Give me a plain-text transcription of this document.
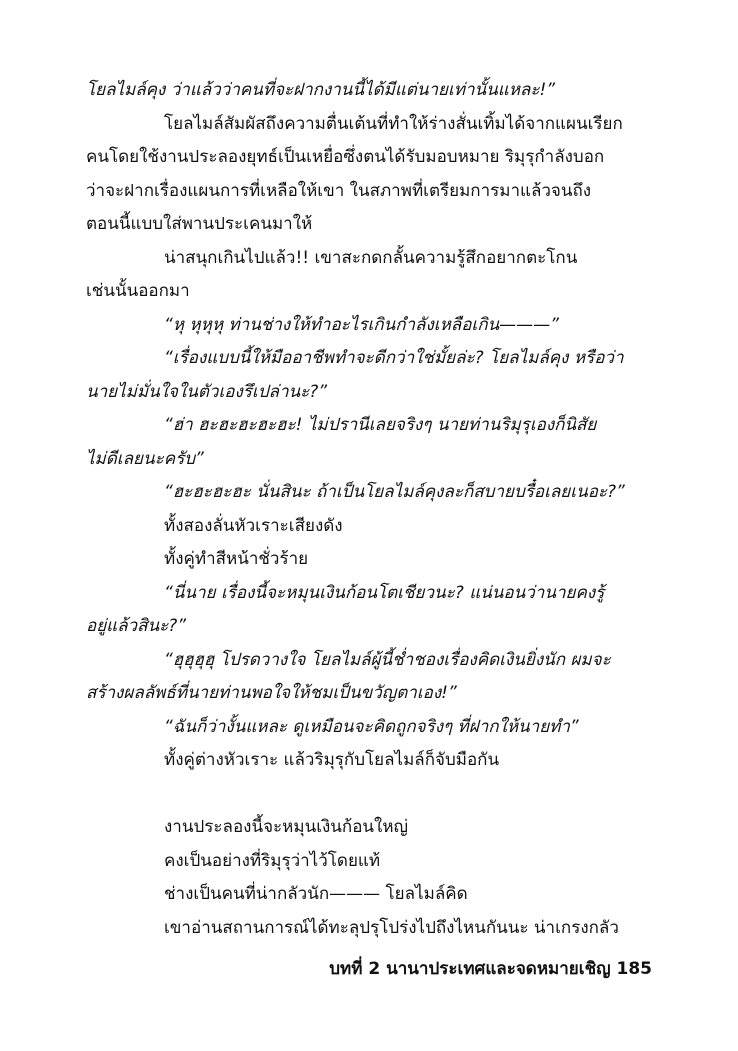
โยลไมล์คุง ว่าแล้วว่าคนที่จะฝากงานนี้ได้มีแต่นายเท่านั้นแหละ!”
โยลไมล์สัมผัสถึงความตื่นเต้นที่ทำให้ร่างสั่นเทิ้มได้จากแผนเรียก
คนโดยใช้งานประลองยุทธ์เป็นเหยื่อซึ่งตนได้รับมอบหมาย ริมุรุกำลังบอก
ว่าจะฝากเรื่องแผนการที่เหลือให้เขา ในสภาพที่เตรียมการมาแล้วจนถึง
ตอนนี้แบบใส่พานประเคนมาให้
น่าสนุกเกินไปแล้ว!! เขาสะกดกลั้นความรู้สึกอยากตะโกน
เช่นนั้นออกมา
“หุ หุหุหุ ท่านช่างให้ทำอะไรเกินกำลังเหลือเกิน———”
“เรื่องแบบนี้ให้มืออาชีพทำจะดีกว่าใช่มั้ยล่ะ? โยลไมล์คุง หรือว่า
นายไม่มั่นใจในตัวเองรึเปล่านะ?”
“ฮ่า ฮะฮะฮะฮะฮะ! ไม่ปรานีเลยจริงๆ นายท่านริมุรุเองก็นิสัย
ไม่ดีเลยนะครับ”
“ฮะฮะฮะฮะ นั่นสินะ ถ้าเป็นโยลไมล์คุงละก็สบายบรื๋อเลยเนอะ?”
ทั้งสองลั่นหัวเราะเสียงดัง
ทั้งคู่ทำสีหน้าชั่วร้าย
“นี่นาย เรื่องนี้จะหมุนเงินก้อนโตเชียวนะ? แน่นอนว่านายคงรู้
อยู่แล้วสินะ?”
“ฮุฮุฮุฮุ โปรดวางใจ โยลไมล์ผู้นี้ช่ำชองเรื่องคิดเงินยิ่งนัก ผมจะ
สร้างผลลัพธ์ที่นายท่านพอใจให้ชมเป็นขวัญตาเอง!”
“ฉันก็ว่างั้นแหละ ดูเหมือนจะคิดถูกจริงๆ ที่ฝากให้นายทำ”
ทั้งคู่ต่างหัวเราะ แล้วริมุรุกับโยลไมล์ก็จับมือกัน
งานประลองนี้จะหมุนเงินก้อนใหญ่
คงเป็นอย่างที่ริมุรุว่าไว้โดยแท้
ช่างเป็นคนที่น่ากลัวนัก——— โยลไมล์คิด
เขาอ่านสถานการณ์ได้ทะลุปรุโปร่งไปถึงไหนกันนะ น่าเกรงกลัว
บทที่ 2 นานาประเทศและจดหมายเชิญ 185
